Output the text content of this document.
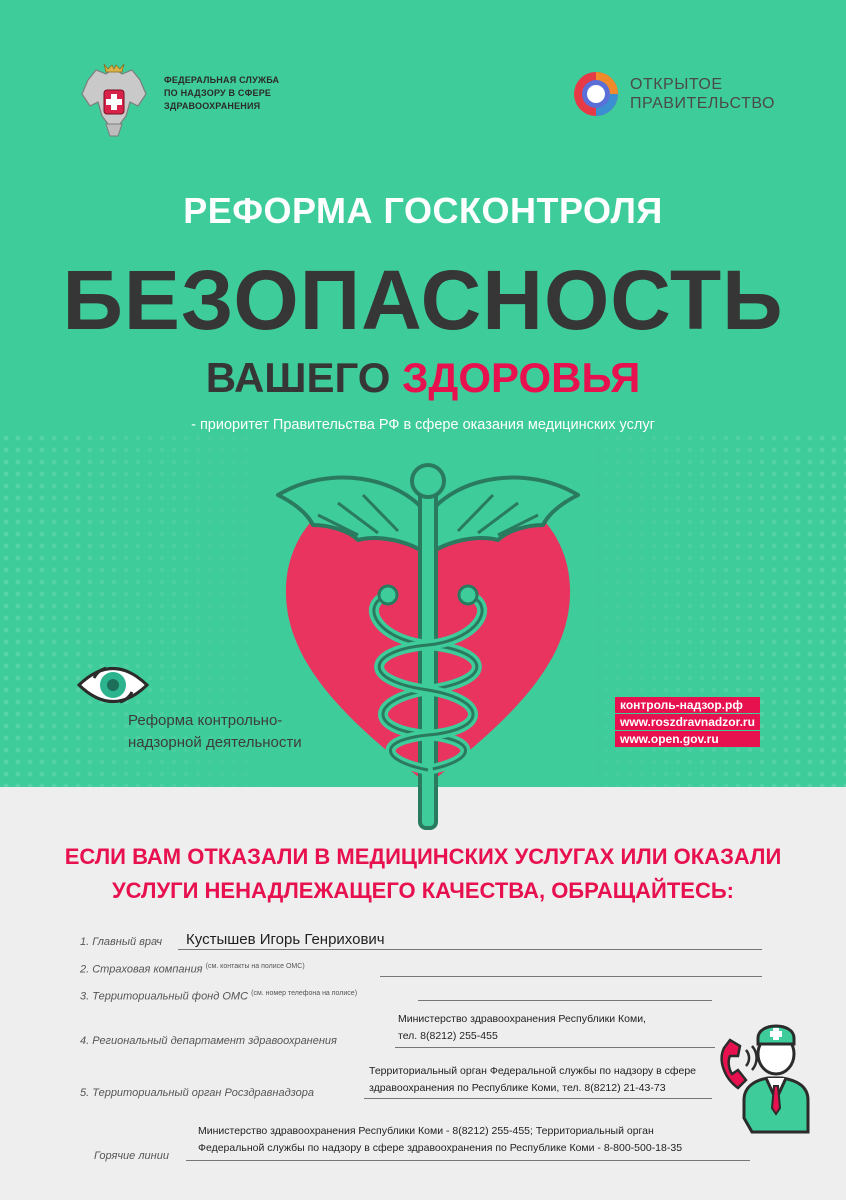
ФЕДЕРАЛЬНАЯ СЛУЖБА
ПО НАДЗОРУ В СФЕРЕ
ЗДРАВООХРАНЕНИЯ
ОТКРЫТОЕ
ПРАВИТЕЛЬСТВО
РЕФОРМА ГОСКОНТРОЛЯ
БЕЗОПАСНОСТЬ
ВАШЕГО ЗДОРОВЬЯ
- приоритет Правительства РФ в сфере оказания медицинских услуг
Реформа контрольно-
надзорной деятельности
контроль-надзор.рф
www.roszdravnadzor.ru
www.open.gov.ru
ЕСЛИ ВАМ ОТКАЗАЛИ В МЕДИЦИНСКИХ УСЛУГАХ ИЛИ ОКАЗАЛИ
УСЛУГИ НЕНАДЛЕЖАЩЕГО КАЧЕСТВА, ОБРАЩАЙТЕСЬ:
1. Главный врач Кустышев Игорь Генрихович
2. Страховая компания $^{(см. контакты на полисе ОМС)}$
3. Территориальный фонд ОМС $^{(см. номер телефона на полисе)}$
Министерство здравоохранения Республики Коми,
тел. 8(8212) 255-455
4. Региональный департамент здравоохранения
Территориальный орган Федеральной службы по надзору в сфере
здравоохранения по Республике Коми, тел. 8(8212) 21-43-73
5. Территориальный орган Росздравнадзора
Министерство здравоохранения Республики Коми - 8(8212) 255-455; Территориальный орган
Федеральной службы по надзору в сфере здравоохранения по Республике Коми - 8-800-500-18-35
Горячие линии
